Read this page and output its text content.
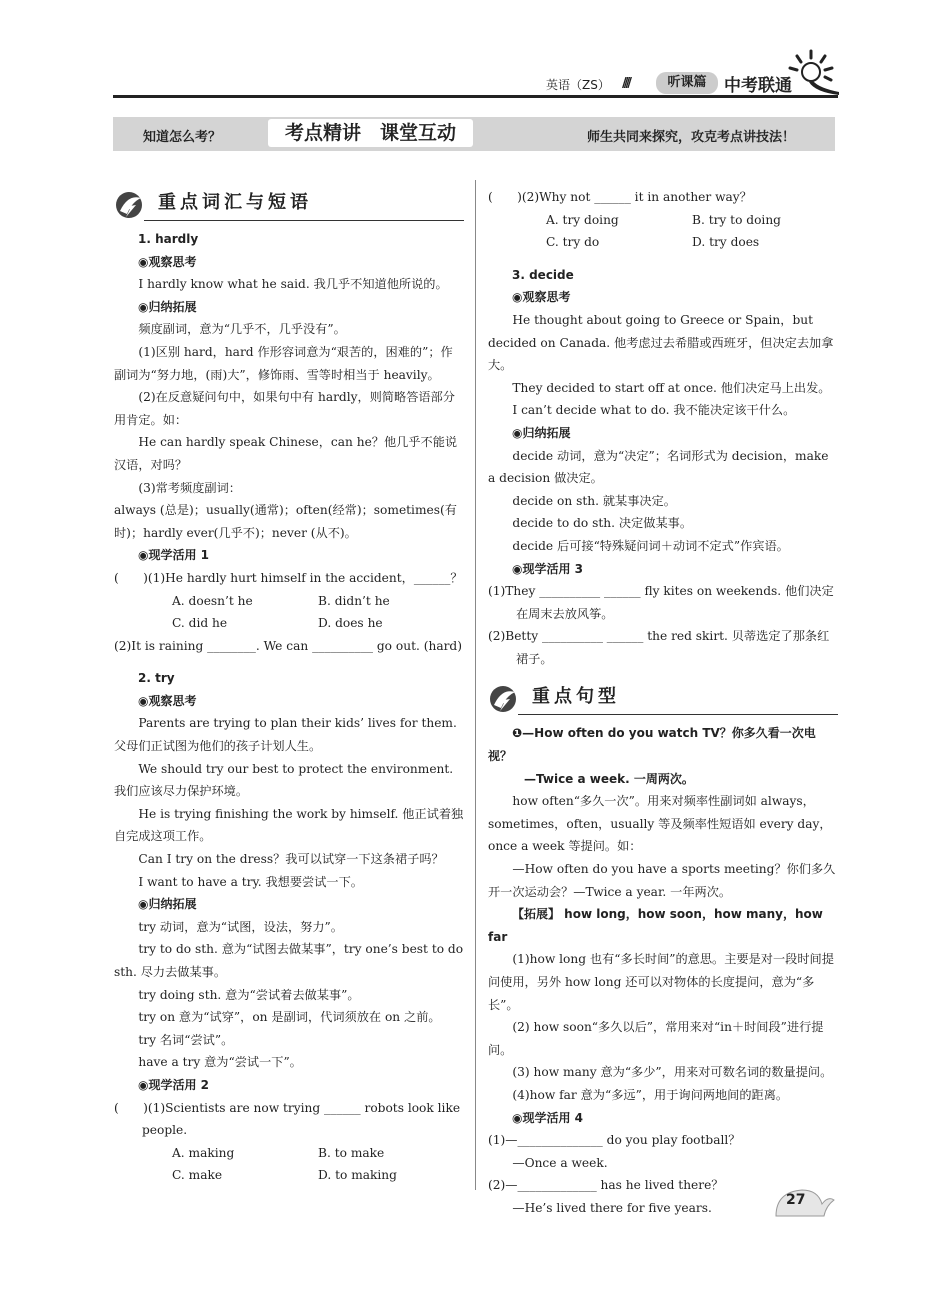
英语（ZS） ////	听课篇	中考联通
知道怎么考？	考点精讲　课堂互动	师生共同来探究，攻克考点讲技法！
重点词汇与短语

1. hardly

◉观察思考

I hardly know what he said. 我几乎不知道他所说的。

◉归纳拓展

频度副词，意为“几乎不，几乎没有”。

(1)区别 hard，hard 作形容词意为“艰苦的，困难的”；作副词为“努力地，(雨)大”，修饰雨、雪等时相当于 heavily。

(2)在反意疑问句中，如果句中有 hardly，则简略答语部分用肯定。如：

He can hardly speak Chinese，can he？他几乎不能说汉语，对吗？

(3)常考频度副词：

always (总是)；usually(通常)；often(经常)；sometimes(有时)；hardly ever(几乎不)；never (从不)。

◉现学活用 1

(　　)(1)He hardly hurt himself in the accident，______？

A. doesn’t he	B. didn’t he
C. did he	D. does he

(2)It is raining ________. We can __________ go out. (hard)

2. try

◉观察思考

Parents are trying to plan their kids’ lives for them. 父母们正试图为他们的孩子计划人生。

We should try our best to protect the environment. 我们应该尽力保护环境。

He is trying finishing the work by himself. 他正试着独自完成这项工作。

Can I try on the dress？我可以试穿一下这条裙子吗？

I want to have a try. 我想要尝试一下。

◉归纳拓展

try 动词，意为“试图，设法，努力”。

try to do sth. 意为“试图去做某事”，try one’s best to do sth. 尽力去做某事。

try doing sth. 意为“尝试着去做某事”。

try on 意为“试穿”，on 是副词，代词须放在 on 之前。

try 名词“尝试”。

have a try 意为“尝试一下”。

◉现学活用 2

(　　)(1)Scientists are now trying ______ robots look like people.

A. making	B. to make
C. make	D. to making

(　　)(2)Why not ______ it in another way？

A. try doing	B. try to doing
C. try do	D. try does

3. decide

◉观察思考

He thought about going to Greece or Spain，but decided on Canada. 他考虑过去希腊或西班牙，但决定去加拿大。

They decided to start off at once. 他们决定马上出发。

I can’t decide what to do. 我不能决定该干什么。

◉归纳拓展

decide 动词，意为“决定”；名词形式为 decision，make a decision 做决定。

decide on sth. 就某事决定。

decide to do sth. 决定做某事。

decide 后可接“特殊疑问词＋动词不定式”作宾语。

◉现学活用 3

(1)They __________ ______ fly kites on weekends. 他们决定在周末去放风筝。

(2)Betty __________ ______ the red skirt. 贝蒂选定了那条红裙子。

重点句型

❶—How often do you watch TV？你多久看一次电视？

　—Twice a week. 一周两次。

how often“多久一次”。用来对频率性副词如 always，sometimes，often，usually 等及频率性短语如 every day，once a week 等提问。如：

—How often do you have a sports meeting？你们多久开一次运动会？—Twice a year. 一年两次。

【拓展】 how long，how soon，how many，how far

(1)how long 也有“多长时间”的意思。主要是对一段时间提问使用，另外 how long 还可以对物体的长度提问，意为“多长”。

(2) how soon“多久以后”，常用来对“in＋时间段”进行提问。

(3) how many 意为“多少”，用来对可数名词的数量提问。

(4)how far 意为“多远”，用于询问两地间的距离。

◉现学活用 4

(1)—______________ do you play football？

—Once a week.

(2)—_____________ has he lived there？

—He’s lived there for five years.	27
